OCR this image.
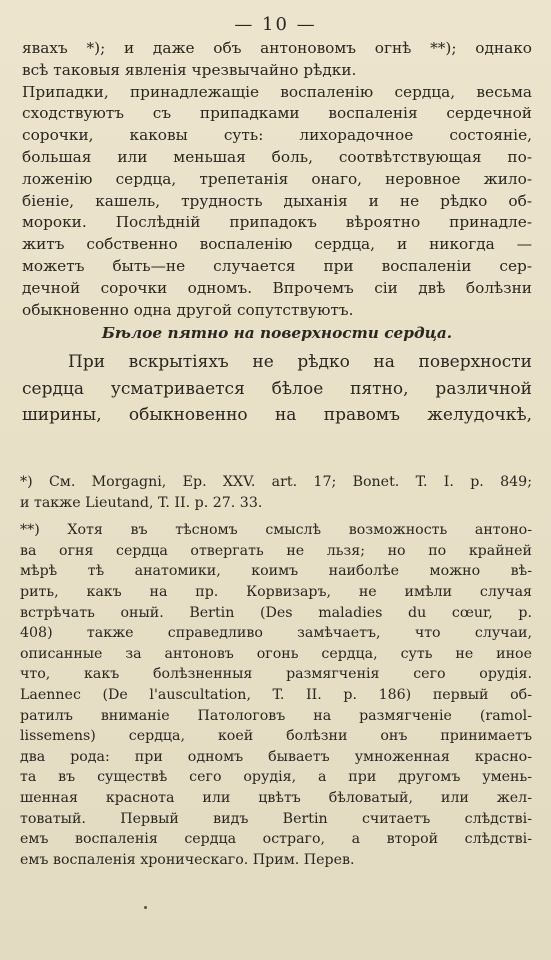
— 10 —
явахъ *); и даже объ антоновомъ огнѣ **); однако
всѣ таковыя явленія чрезвычайно рѣдки.
Припадки, принадлежащіе воспаленію сердца, весьма
сходствуютъ съ припадками воспаленія сердечной
сорочки, каковы суть: лихорадочное состояніе,
большая или меньшая боль, соотвѣтствующая по-
ложенію сердца, трепетанія онаго, неровное жило-
біеніе, кашель, трудность дыханія и не рѣдко об-
мороки. Послѣдній припадокъ вѣроятно принадле-
житъ собственно воспаленію сердца, и никогда —
можетъ быть—не случается при воспаленіи сер-
дечной сорочки одномъ. Впрочемъ сіи двѣ болѣзни
обыкновенно одна другой сопутствуютъ.
Бѣлое пятно на поверхности сердца.
При вскрытіяхъ не рѣдко на поверхности
сердца усматривается бѣлое пятно, различной
ширины, обыкновенно на правомъ желудочкѣ,
*) См. Morgagni, Ep. XXV. art. 17; Bonet. T. I. p. 849;
и также Lieutand, T. II. p. 27. 33.
**) Хотя въ тѣсномъ смыслѣ возможность антоно-
ва огня сердца отвергать не льзя; но по крайней
мѣрѣ тѣ анатомики, коимъ наиболѣе можно вѣ-
рить, какъ на пр. Корвизаръ, не имѣли случая
встрѣчать оный. Bertin (Des maladies du cœur, p.
408) также справедливо замѣчаетъ, что случаи,
описанные за антоновъ огонь сердца, суть не иное
что, какъ болѣзненныя размягченія сего орудія.
Laennec (De l'auscultation, T. II. p. 186) первый об-
ратилъ вниманіе Патологовъ на размягченіе (ramol-
lissemens) сердца, коей болѣзни онъ принимаетъ
два рода: при одномъ бываетъ умноженная красно-
та въ существѣ сего орудія, а при другомъ умень-
шенная краснота или цвѣтъ бѣловатый, или жел-
товатый. Первый видъ Bertin считаетъ слѣдстві-
емъ воспаленія сердца остраго, а второй слѣдстві-
емъ воспаленія хроническаго. Прим. Перев.
